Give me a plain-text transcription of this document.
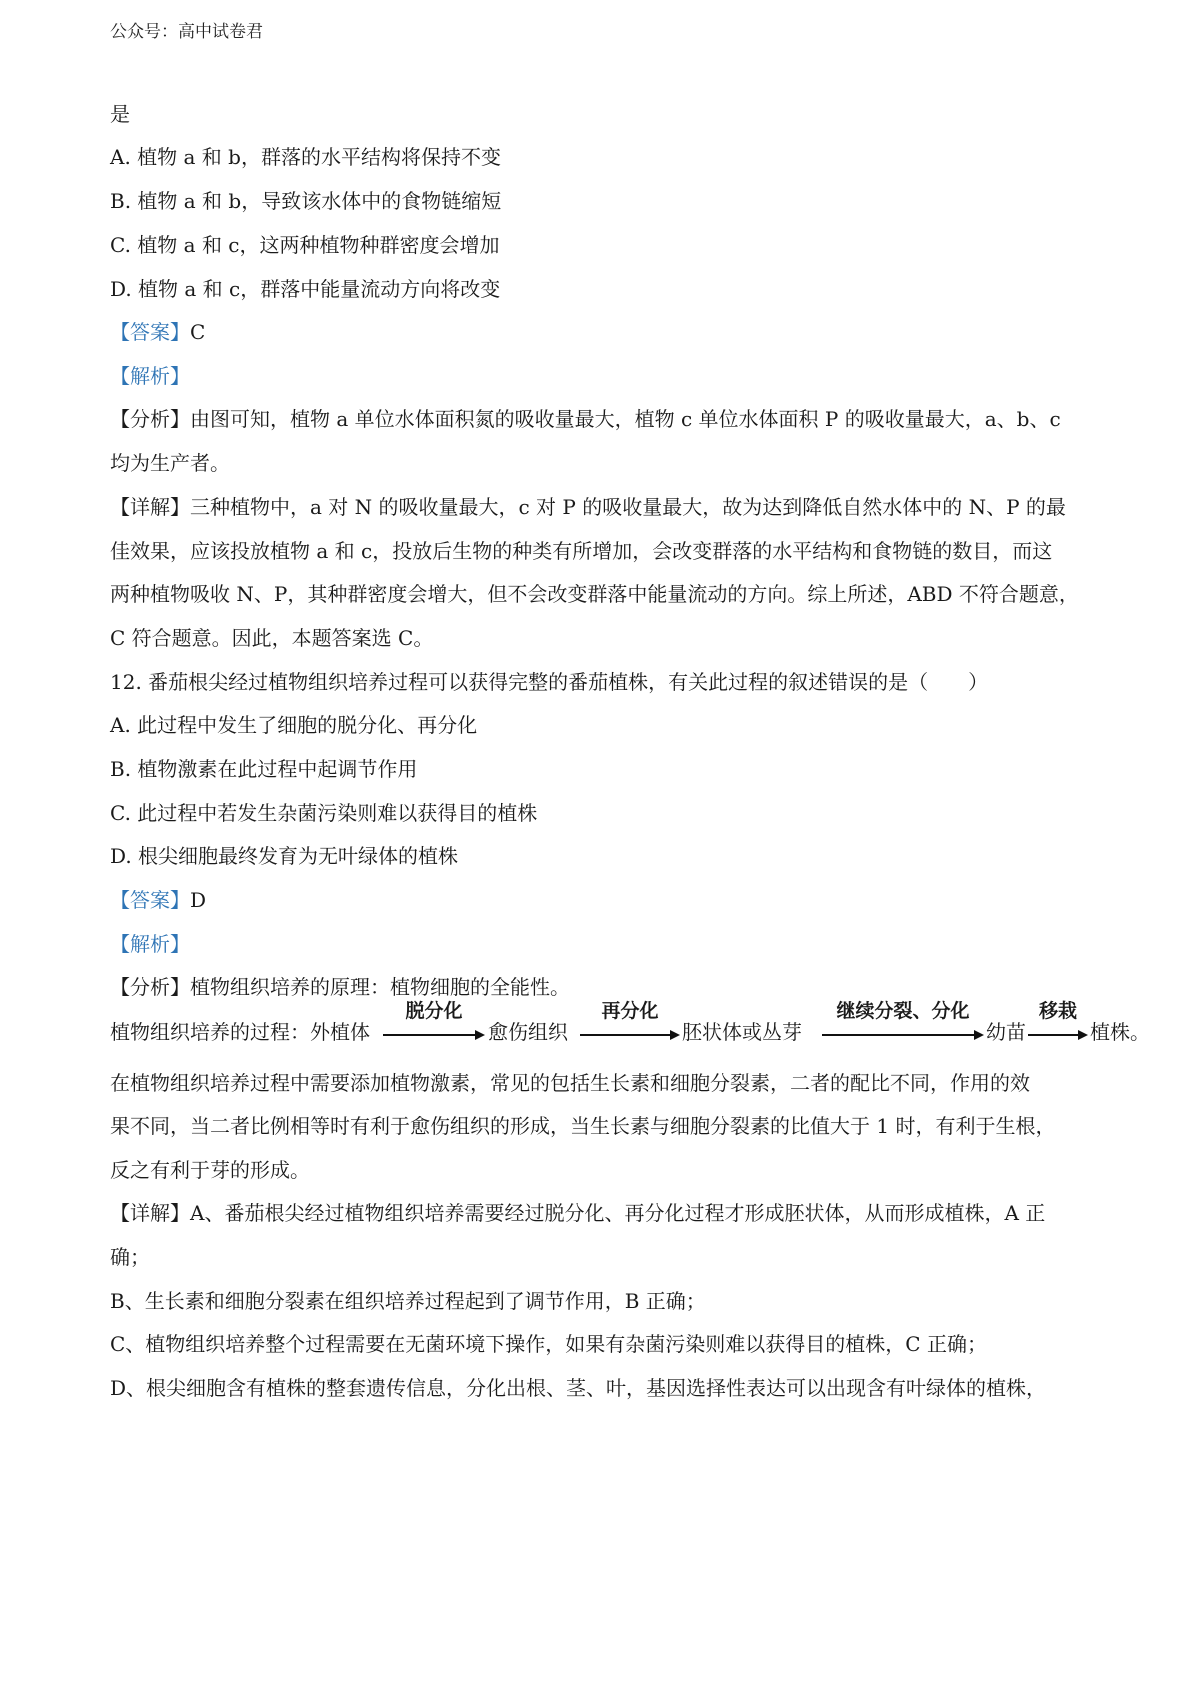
公众号：高中试卷君
是
A. 植物 a 和 b，群落的水平结构将保持不变
B. 植物 a 和 b，导致该水体中的食物链缩短
C. 植物 a 和 c，这两种植物种群密度会增加
D. 植物 a 和 c，群落中能量流动方向将改变
【答案】C
【解析】
【分析】由图可知，植物 a 单位水体面积氮的吸收量最大，植物 c 单位水体面积 P 的吸收量最大，a、b、c
均为生产者。
【详解】三种植物中，a 对 N 的吸收量最大，c 对 P 的吸收量最大，故为达到降低自然水体中的 N、P 的最
佳效果，应该投放植物 a 和 c，投放后生物的种类有所增加，会改变群落的水平结构和食物链的数目，而这
两种植物吸收 N、P，其种群密度会增大，但不会改变群落中能量流动的方向。综上所述，ABD 不符合题意，
C 符合题意。因此，本题答案选 C。
12. 番茄根尖经过植物组织培养过程可以获得完整的番茄植株，有关此过程的叙述错误的是（　　）
A. 此过程中发生了细胞的脱分化、再分化
B. 植物激素在此过程中起调节作用
C. 此过程中若发生杂菌污染则难以获得目的植株
D. 根尖细胞最终发育为无叶绿体的植株
【答案】D
【解析】
【分析】植物组织培养的原理：植物细胞的全能性。
植物组织培养的过程：外植体
脱分化
愈伤组织
再分化
胚状体或丛芽
继续分裂、分化
幼苗
移栽
植株。
在植物组织培养过程中需要添加植物激素，常见的包括生长素和细胞分裂素，二者的配比不同，作用的效
果不同，当二者比例相等时有利于愈伤组织的形成，当生长素与细胞分裂素的比值大于 1 时，有利于生根，
反之有利于芽的形成。
【详解】A、番茄根尖经过植物组织培养需要经过脱分化、再分化过程才形成胚状体，从而形成植株，A 正
确；
B、生长素和细胞分裂素在组织培养过程起到了调节作用，B 正确；
C、植物组织培养整个过程需要在无菌环境下操作，如果有杂菌污染则难以获得目的植株，C 正确；
D、根尖细胞含有植株的整套遗传信息，分化出根、茎、叶，基因选择性表达可以出现含有叶绿体的植株，
